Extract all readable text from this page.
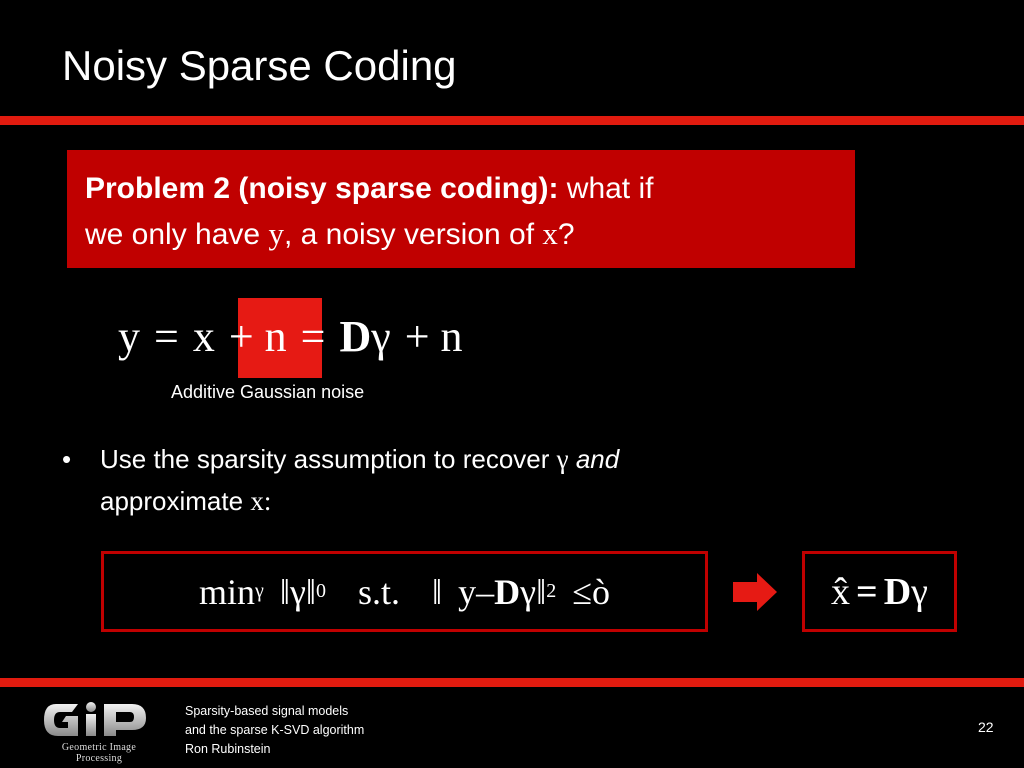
Noisy Sparse Coding
Problem 2 (noisy sparse coding): what if
we only have y, a noisy version of x?
y = x + n = Dγ + n
Additive Gaussian noise
• Use the sparsity assumption to recover γ and
approximate x:
min γ ‖ γ ‖ 0 s.t. ‖ y – D γ ‖ 2 ≤ ò	x̂ = D γ
Geometric Image Processing
Sparsity-based signal models
and the sparse K-SVD algorithm
Ron Rubinstein
22
